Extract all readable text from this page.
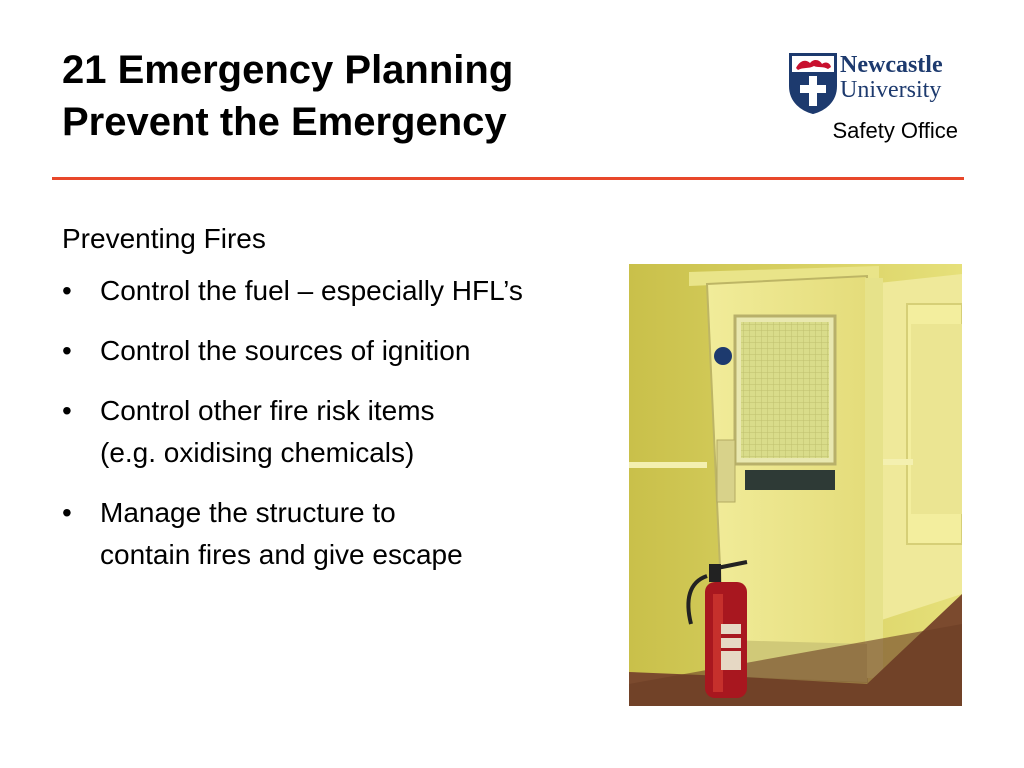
21 Emergency Planning
Prevent the Emergency
Newcastle
University
Safety Office

Preventing Fires

• Control the fuel – especially HFL’s
• Control the sources of ignition
• Control other fire risk items
(e.g. oxidising chemicals)
• Manage the structure to
contain fires and give escape
